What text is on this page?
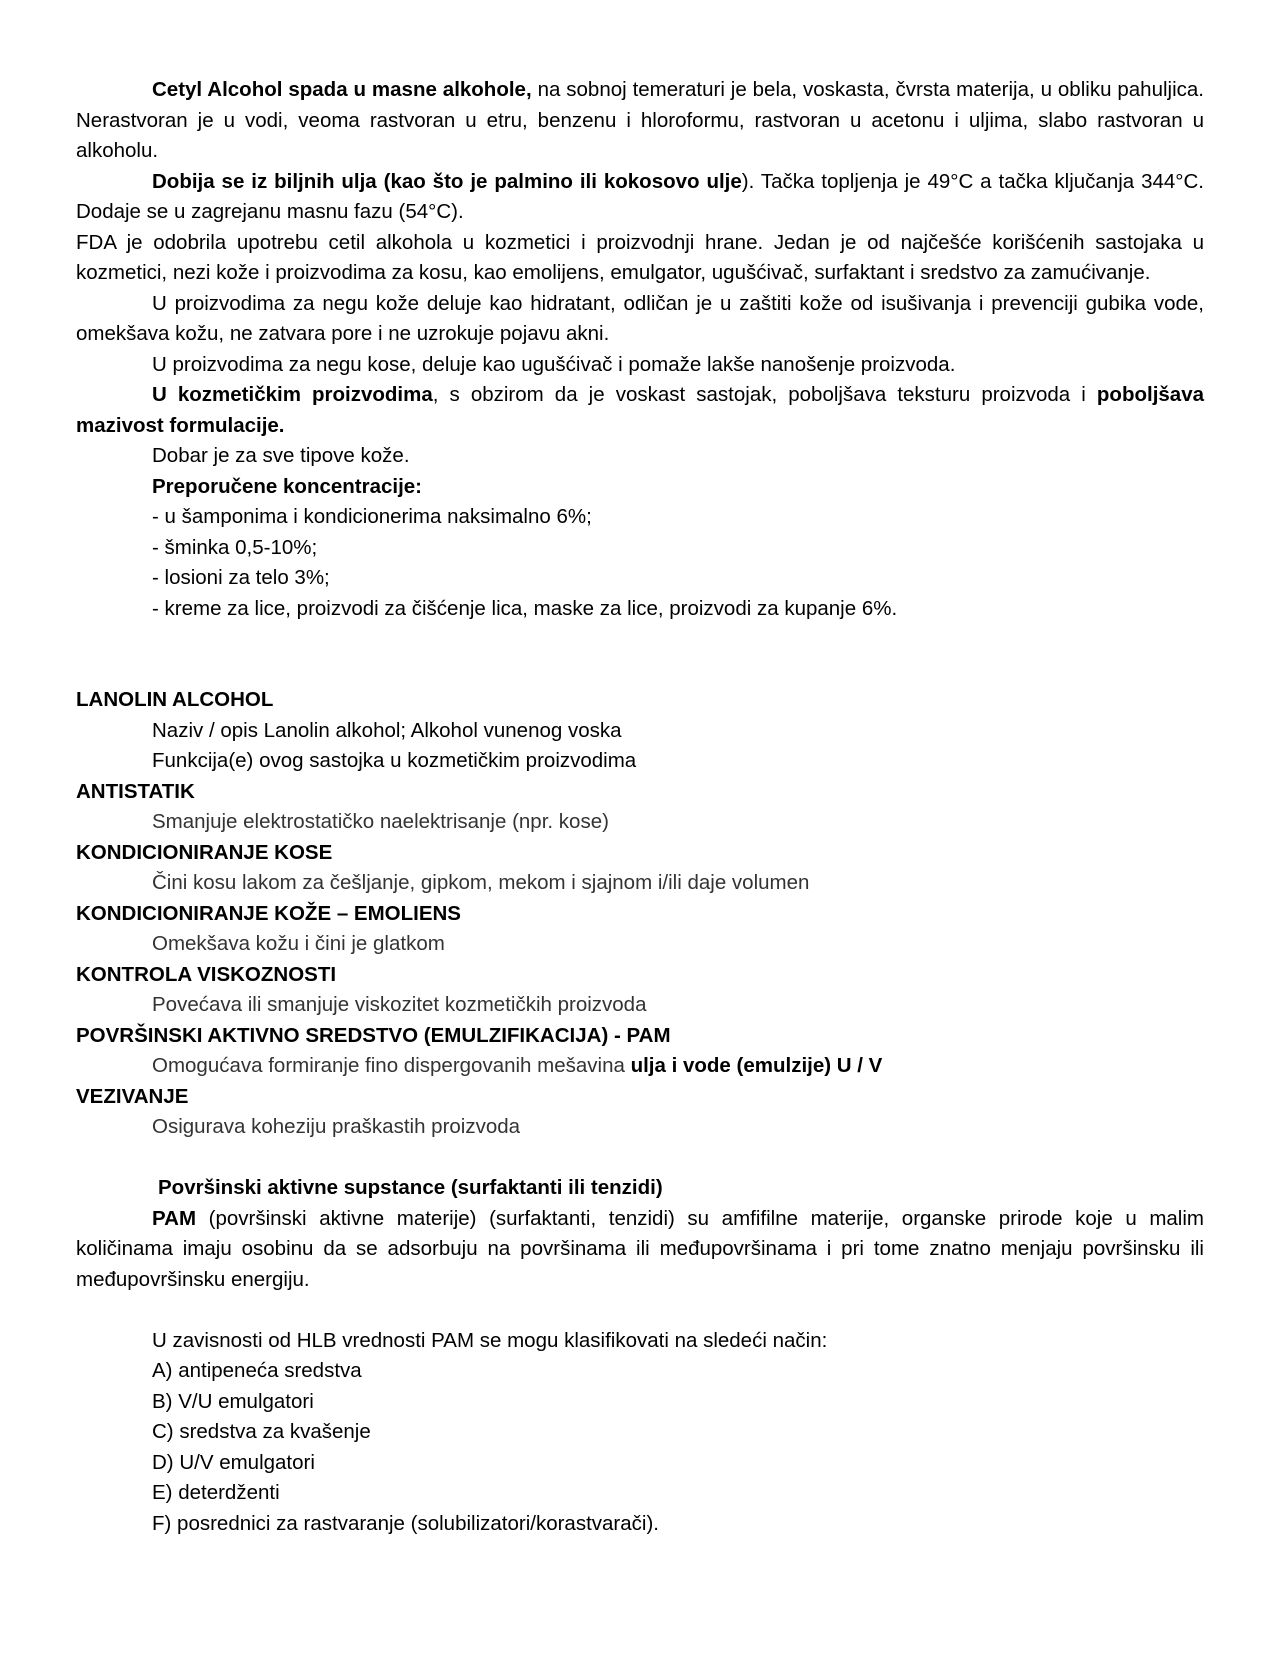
Cetyl Alcohol spada u masne alkohole, na sobnoj temeraturi je bela, voskasta, čvrsta materija, u obliku pahuljica. Nerastvoran je u vodi, veoma rastvoran u etru, benzenu i hloroformu, rastvoran u acetonu i uljima, slabo rastvoran u alkoholu.

Dobija se iz biljnih ulja (kao što je palmino ili kokosovo ulje). Tačka topljenja je 49°C a tačka ključanja 344°C. Dodaje se u zagrejanu masnu fazu (54°C).

FDA je odobrila upotrebu cetil alkohola u kozmetici i proizvodnji hrane. Jedan je od najčešće korišćenih sastojaka u kozmetici, nezi kože i proizvodima za kosu, kao emolijens, emulgator, ugušćivač, surfaktant i sredstvo za zamućivanje.

U proizvodima za negu kože deluje kao hidratant, odličan je u zaštiti kože od isušivanja i prevenciji gubika vode, omekšava kožu, ne zatvara pore i ne uzrokuje pojavu akni.

U proizvodima za negu kose, deluje kao ugušćivač i pomaže lakše nanošenje proizvoda.

U kozmetičkim proizvodima, s obzirom da je voskast sastojak, poboljšava teksturu proizvoda i poboljšava mazivost formulacije.

Dobar je za sve tipove kože.

Preporučene koncentracije:

- u šamponima i kondicionerima naksimalno 6%;

- šminka 0,5-10%;

- losioni za telo 3%;

- kreme za lice, proizvodi za čišćenje lica, maske za lice, proizvodi za kupanje 6%.

LANOLIN ALCOHOL

Naziv / opis Lanolin alkohol; Alkohol vunenog voska

Funkcija(e) ovog sastojka u kozmetičkim proizvodima

ANTISTATIK

Smanjuje elektrostatičko naelektrisanje (npr. kose)

KONDICIONIRANJE KOSE

Čini kosu lakom za češljanje, gipkom, mekom i sjajnom i/ili daje volumen

KONDICIONIRANJE KOŽE – EMOLIENS

Omekšava kožu i čini je glatkom

KONTROLA VISKOZNOSTI

Povećava ili smanjuje viskozitet kozmetičkih proizvoda

POVRŠINSKI AKTIVNO SREDSTVO (EMULZIFIKACIJA) - PAM

Omogućava formiranje fino dispergovanih mešavina ulja i vode (emulzije) U / V

VEZIVANJE

Osigurava koheziju praškastih proizvoda

Površinski aktivne supstance (surfaktanti ili tenzidi)

PAM (površinski aktivne materije) (surfaktanti, tenzidi) su amfifilne materije, organske prirode koje u malim količinama imaju osobinu da se adsorbuju na površinama ili međupovršinama i pri tome znatno menjaju površinsku ili međupovršinsku energiju.

U zavisnosti od HLB vrednosti PAM se mogu klasifikovati na sledeći način:

A) antipeneća sredstva

B) V/U emulgatori

C) sredstva za kvašenje

D) U/V emulgatori

E) deterdženti

F) posrednici za rastvaranje (solubilizatori/korastvarači).
